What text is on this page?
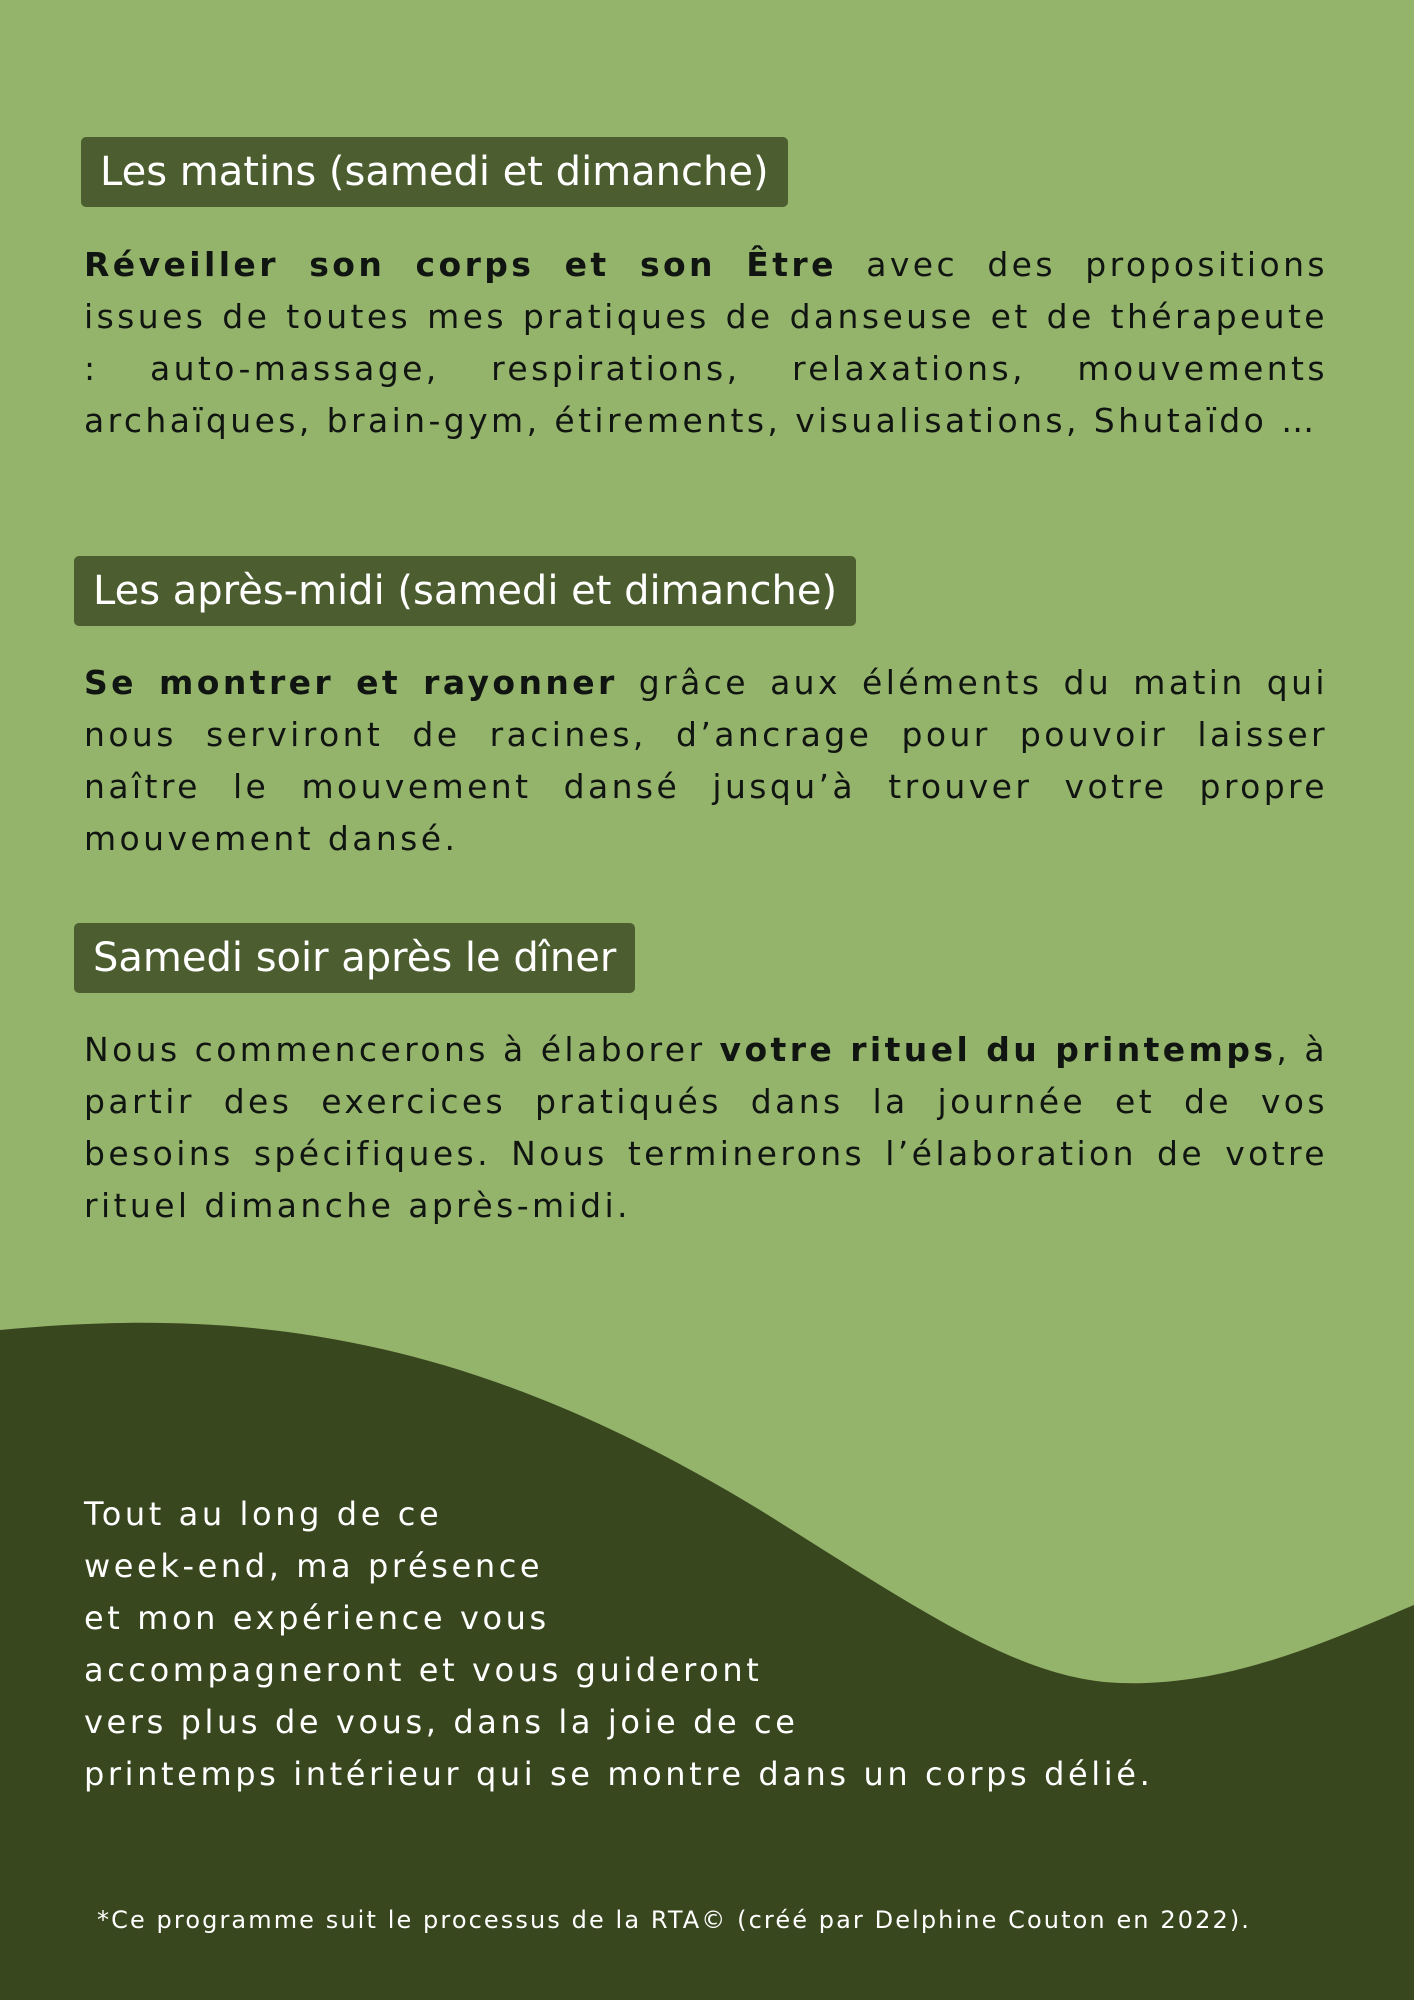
Les matins (samedi et dimanche)

Réveiller son corps et son Être avec des propositions issues de toutes mes pratiques de danseuse et de thérapeute : auto-massage, respirations, relaxations, mouvements archaïques, brain-gym, étirements, visualisations, Shutaïdo …

Les après-midi (samedi et dimanche)

Se montrer et rayonner grâce aux éléments du matin qui nous serviront de racines, d’ancrage pour pouvoir laisser naître le mouvement dansé jusqu’à trouver votre propre mouvement dansé.

Samedi soir après le dîner

Nous commencerons à élaborer votre rituel du printemps, à partir des exercices pratiqués dans la journée et de vos besoins spécifiques. Nous terminerons l’élaboration de votre rituel dimanche après-midi.

Tout au long de ce
week-end, ma présence
et mon expérience vous
accompagneront et vous guideront
vers plus de vous, dans la joie de ce
printemps intérieur qui se montre dans un corps délié.

*Ce programme suit le processus de la RTA© (créé par Delphine Couton en 2022).
